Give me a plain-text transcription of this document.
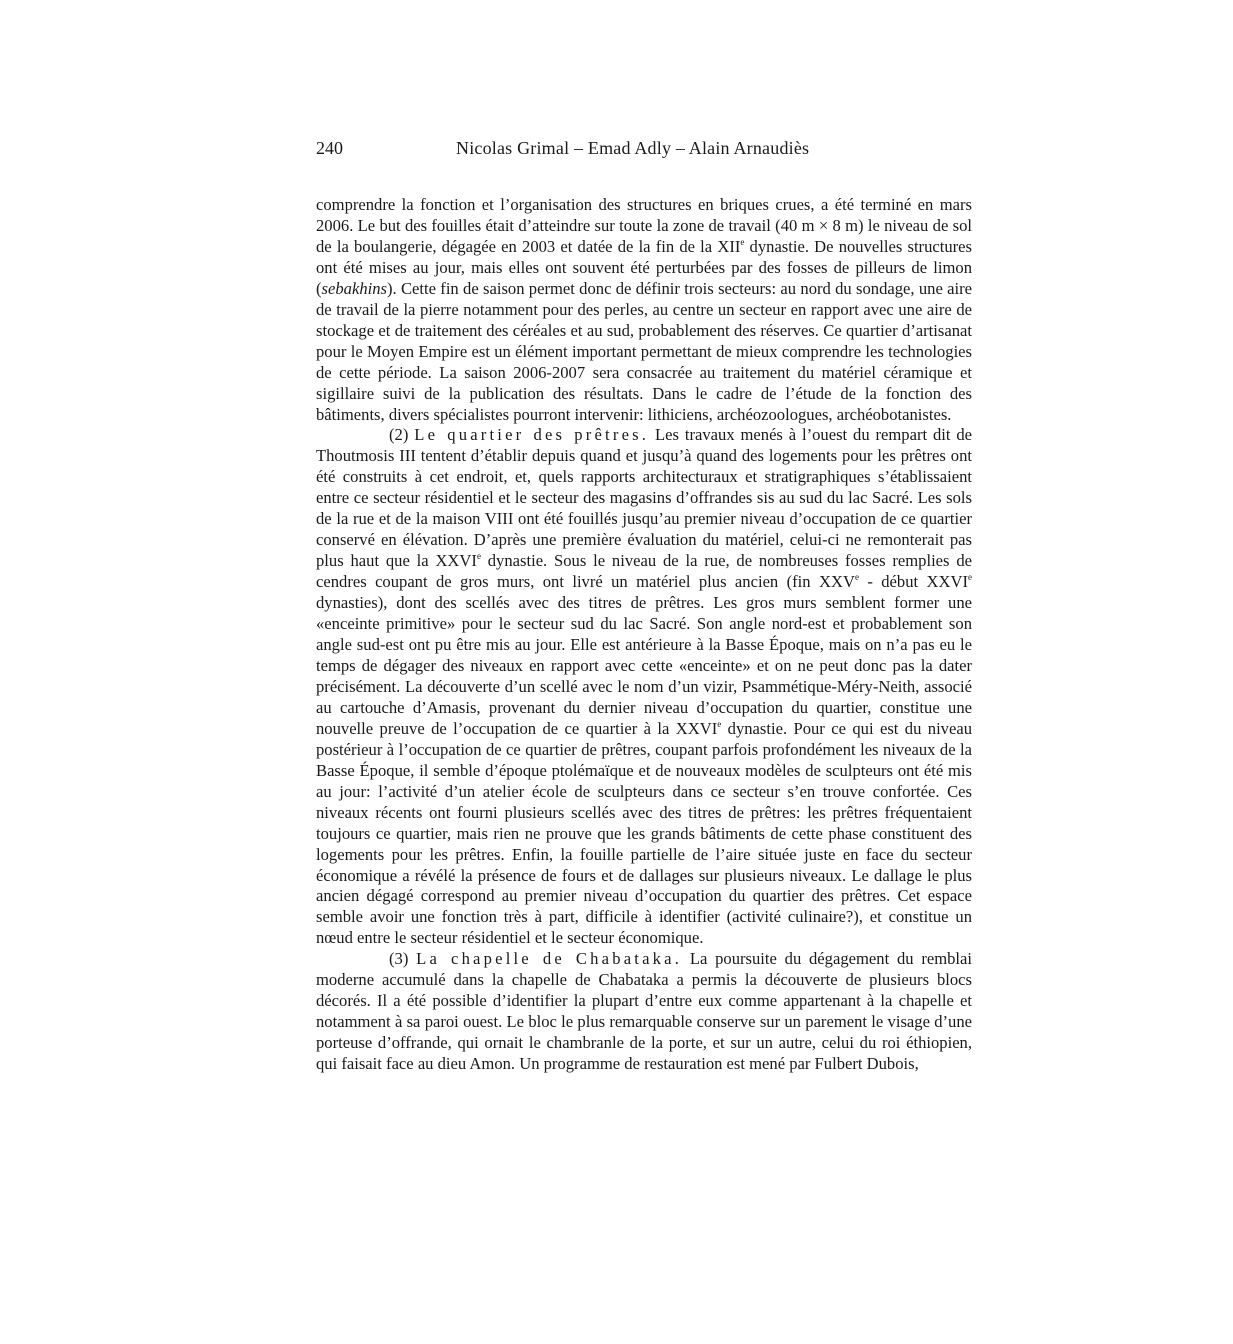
240	Nicolas Grimal – Emad Adly – Alain Arnaudiès

comprendre la fonction et l’organisation des structures en briques crues, a été terminé en mars 2006. Le but des fouilles était d’atteindre sur toute la zone de travail (40 m × 8 m) le niveau de sol de la boulangerie, dégagée en 2003 et datée de la fin de la XIIe dynastie. De nouvelles structures ont été mises au jour, mais elles ont souvent été perturbées par des fosses de pilleurs de limon (sebakhins). Cette fin de saison permet donc de définir trois secteurs: au nord du sondage, une aire de travail de la pierre notamment pour des perles, au centre un secteur en rapport avec une aire de stockage et de traitement des céréales et au sud, probablement des réserves. Ce quartier d’artisanat pour le Moyen Empire est un élément important permettant de mieux comprendre les technologies de cette période. La saison 2006-2007 sera consacrée au traitement du matériel céramique et sigillaire suivi de la publication des résultats. Dans le cadre de l’étude de la fonction des bâtiments, divers spécialistes pourront intervenir: lithiciens, archéozoologues, archéobotanistes.

(2) Le quartier des prêtres. Les travaux menés à l’ouest du rempart dit de Thoutmosis III tentent d’établir depuis quand et jusqu’à quand des logements pour les prêtres ont été construits à cet endroit, et, quels rapports architecturaux et stratigraphiques s’établissaient entre ce secteur résidentiel et le secteur des magasins d’offrandes sis au sud du lac Sacré. Les sols de la rue et de la maison VIII ont été fouillés jusqu’au premier niveau d’occupation de ce quartier conservé en élévation. D’après une première évaluation du matériel, celui-ci ne remonterait pas plus haut que la XXVIe dynastie. Sous le niveau de la rue, de nombreuses fosses remplies de cendres coupant de gros murs, ont livré un matériel plus ancien (fin XXVe - début XXVIe dynasties), dont des scellés avec des titres de prêtres. Les gros murs semblent former une «enceinte primitive» pour le secteur sud du lac Sacré. Son angle nord-est et probablement son angle sud-est ont pu être mis au jour. Elle est antérieure à la Basse Époque, mais on n’a pas eu le temps de dégager des niveaux en rapport avec cette «enceinte» et on ne peut donc pas la dater précisément. La découverte d’un scellé avec le nom d’un vizir, Psammétique-Méry-Neith, associé au cartouche d’Amasis, provenant du dernier niveau d’occupation du quartier, constitue une nouvelle preuve de l’occupation de ce quartier à la XXVIe dynastie. Pour ce qui est du niveau postérieur à l’occupation de ce quartier de prêtres, coupant parfois profondément les niveaux de la Basse Époque, il semble d’époque ptolémaïque et de nouveaux modèles de sculpteurs ont été mis au jour: l’activité d’un atelier école de sculpteurs dans ce secteur s’en trouve confortée. Ces niveaux récents ont fourni plusieurs scellés avec des titres de prêtres: les prêtres fréquentaient toujours ce quartier, mais rien ne prouve que les grands bâtiments de cette phase constituent des logements pour les prêtres. Enfin, la fouille partielle de l’aire située juste en face du secteur économique a révélé la présence de fours et de dallages sur plusieurs niveaux. Le dallage le plus ancien dégagé correspond au premier niveau d’occupation du quartier des prêtres. Cet espace semble avoir une fonction très à part, difficile à identifier (activité culinaire?), et constitue un nœud entre le secteur résidentiel et le secteur économique.

(3) La chapelle de Chabataka. La poursuite du dégagement du remblai moderne accumulé dans la chapelle de Chabataka a permis la découverte de plusieurs blocs décorés. Il a été possible d’identifier la plupart d’entre eux comme appartenant à la chapelle et notamment à sa paroi ouest. Le bloc le plus remarquable conserve sur un parement le visage d’une porteuse d’offrande, qui ornait le chambranle de la porte, et sur un autre, celui du roi éthiopien, qui faisait face au dieu Amon. Un programme de restauration est mené par Fulbert Dubois,
